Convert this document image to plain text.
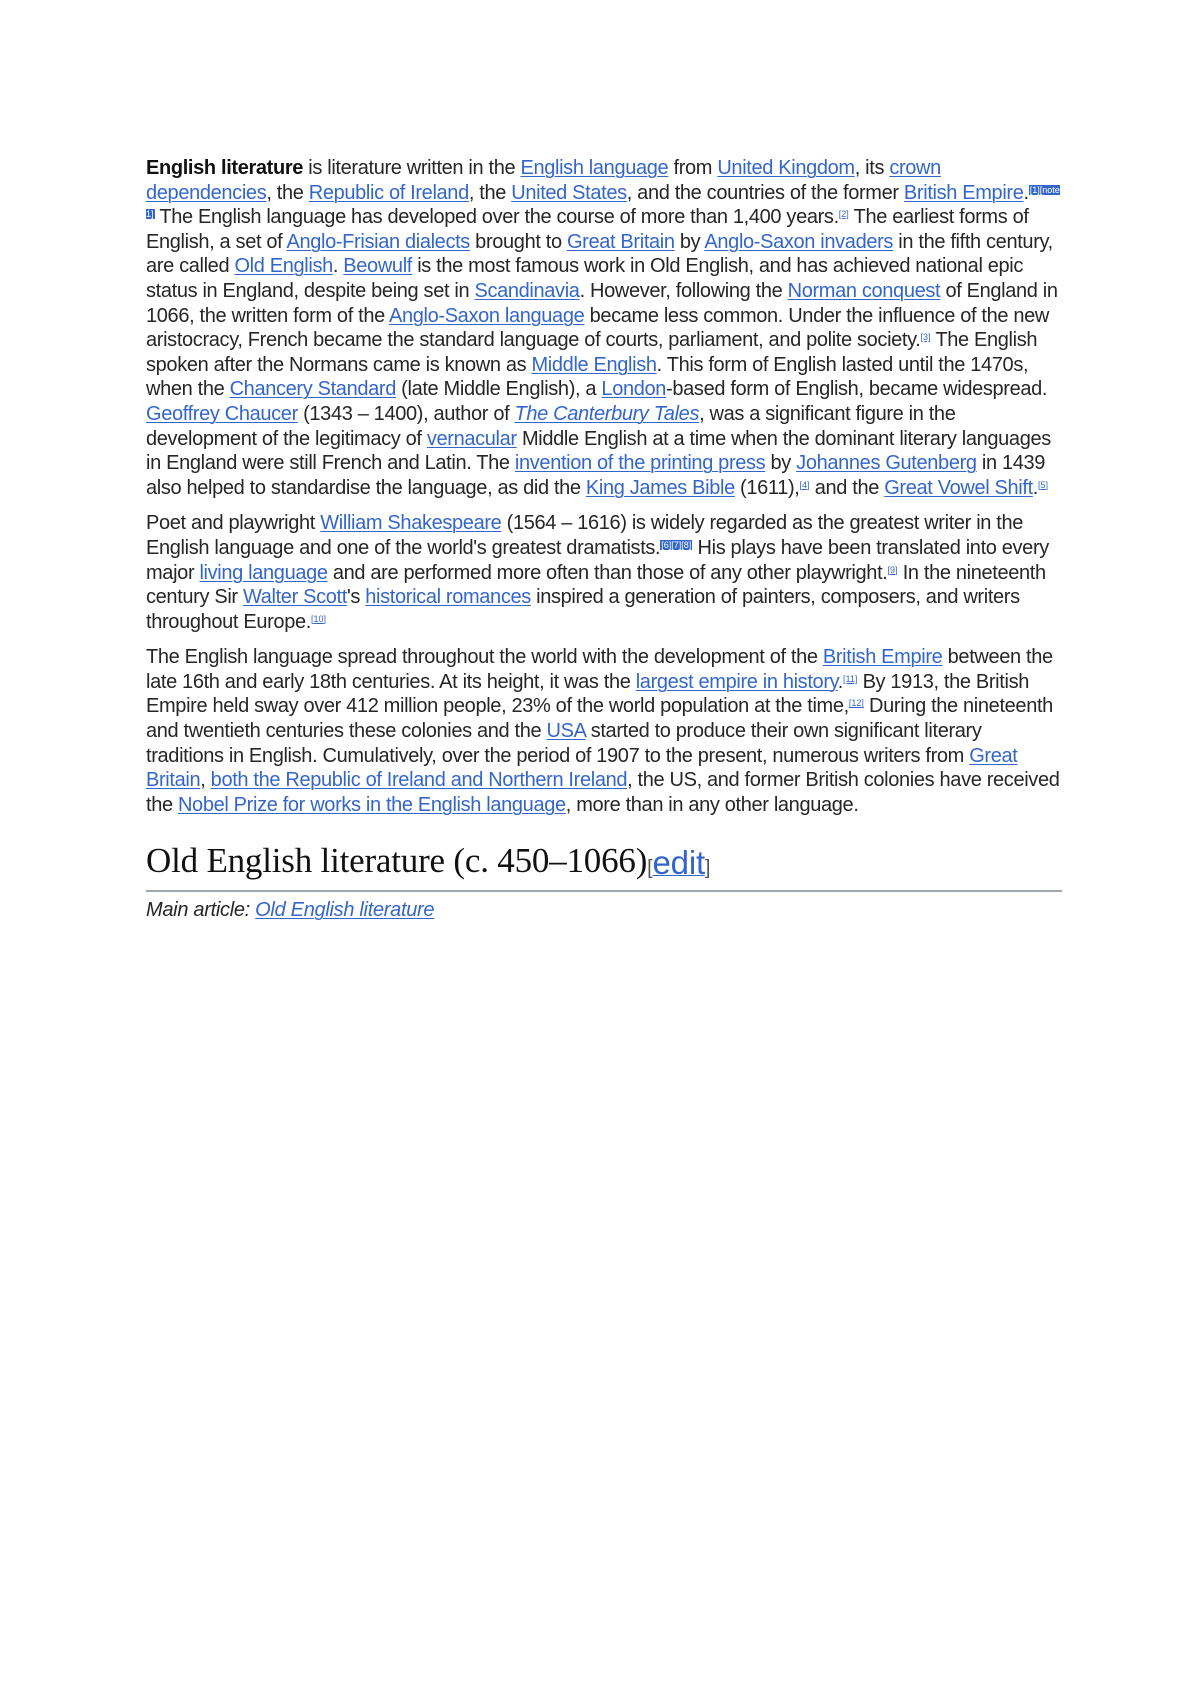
English literature is literature written in the English language from United Kingdom, its crown dependencies, the Republic of Ireland, the United States, and the countries of the former British Empire.[1][note 1] The English language has developed over the course of more than 1,400 years.[2] The earliest forms of English, a set of Anglo-Frisian dialects brought to Great Britain by Anglo-Saxon invaders in the fifth century, are called Old English. Beowulf is the most famous work in Old English, and has achieved national epic status in England, despite being set in Scandinavia. However, following the Norman conquest of England in 1066, the written form of the Anglo-Saxon language became less common. Under the influence of the new aristocracy, French became the standard language of courts, parliament, and polite society.[3] The English spoken after the Normans came is known as Middle English. This form of English lasted until the 1470s, when the Chancery Standard (late Middle English), a London-based form of English, became widespread. Geoffrey Chaucer (1343 – 1400), author of The Canterbury Tales, was a significant figure in the development of the legitimacy of vernacular Middle English at a time when the dominant literary languages in England were still French and Latin. The invention of the printing press by Johannes Gutenberg in 1439 also helped to standardise the language, as did the King James Bible (1611),[4] and the Great Vowel Shift.[5]

Poet and playwright William Shakespeare (1564 – 1616) is widely regarded as the greatest writer in the English language and one of the world's greatest dramatists.[6][7][8] His plays have been translated into every major living language and are performed more often than those of any other playwright.[9] In the nineteenth century Sir Walter Scott's historical romances inspired a generation of painters, composers, and writers throughout Europe.[10]

The English language spread throughout the world with the development of the British Empire between the late 16th and early 18th centuries. At its height, it was the largest empire in history.[11] By 1913, the British Empire held sway over 412 million people, 23% of the world population at the time,[12] During the nineteenth and twentieth centuries these colonies and the USA started to produce their own significant literary traditions in English. Cumulatively, over the period of 1907 to the present, numerous writers from Great Britain, both the Republic of Ireland and Northern Ireland, the US, and former British colonies have received the Nobel Prize for works in the English language, more than in any other language.

Old English literature (c. 450–1066)[edit]
Main article: Old English literature
